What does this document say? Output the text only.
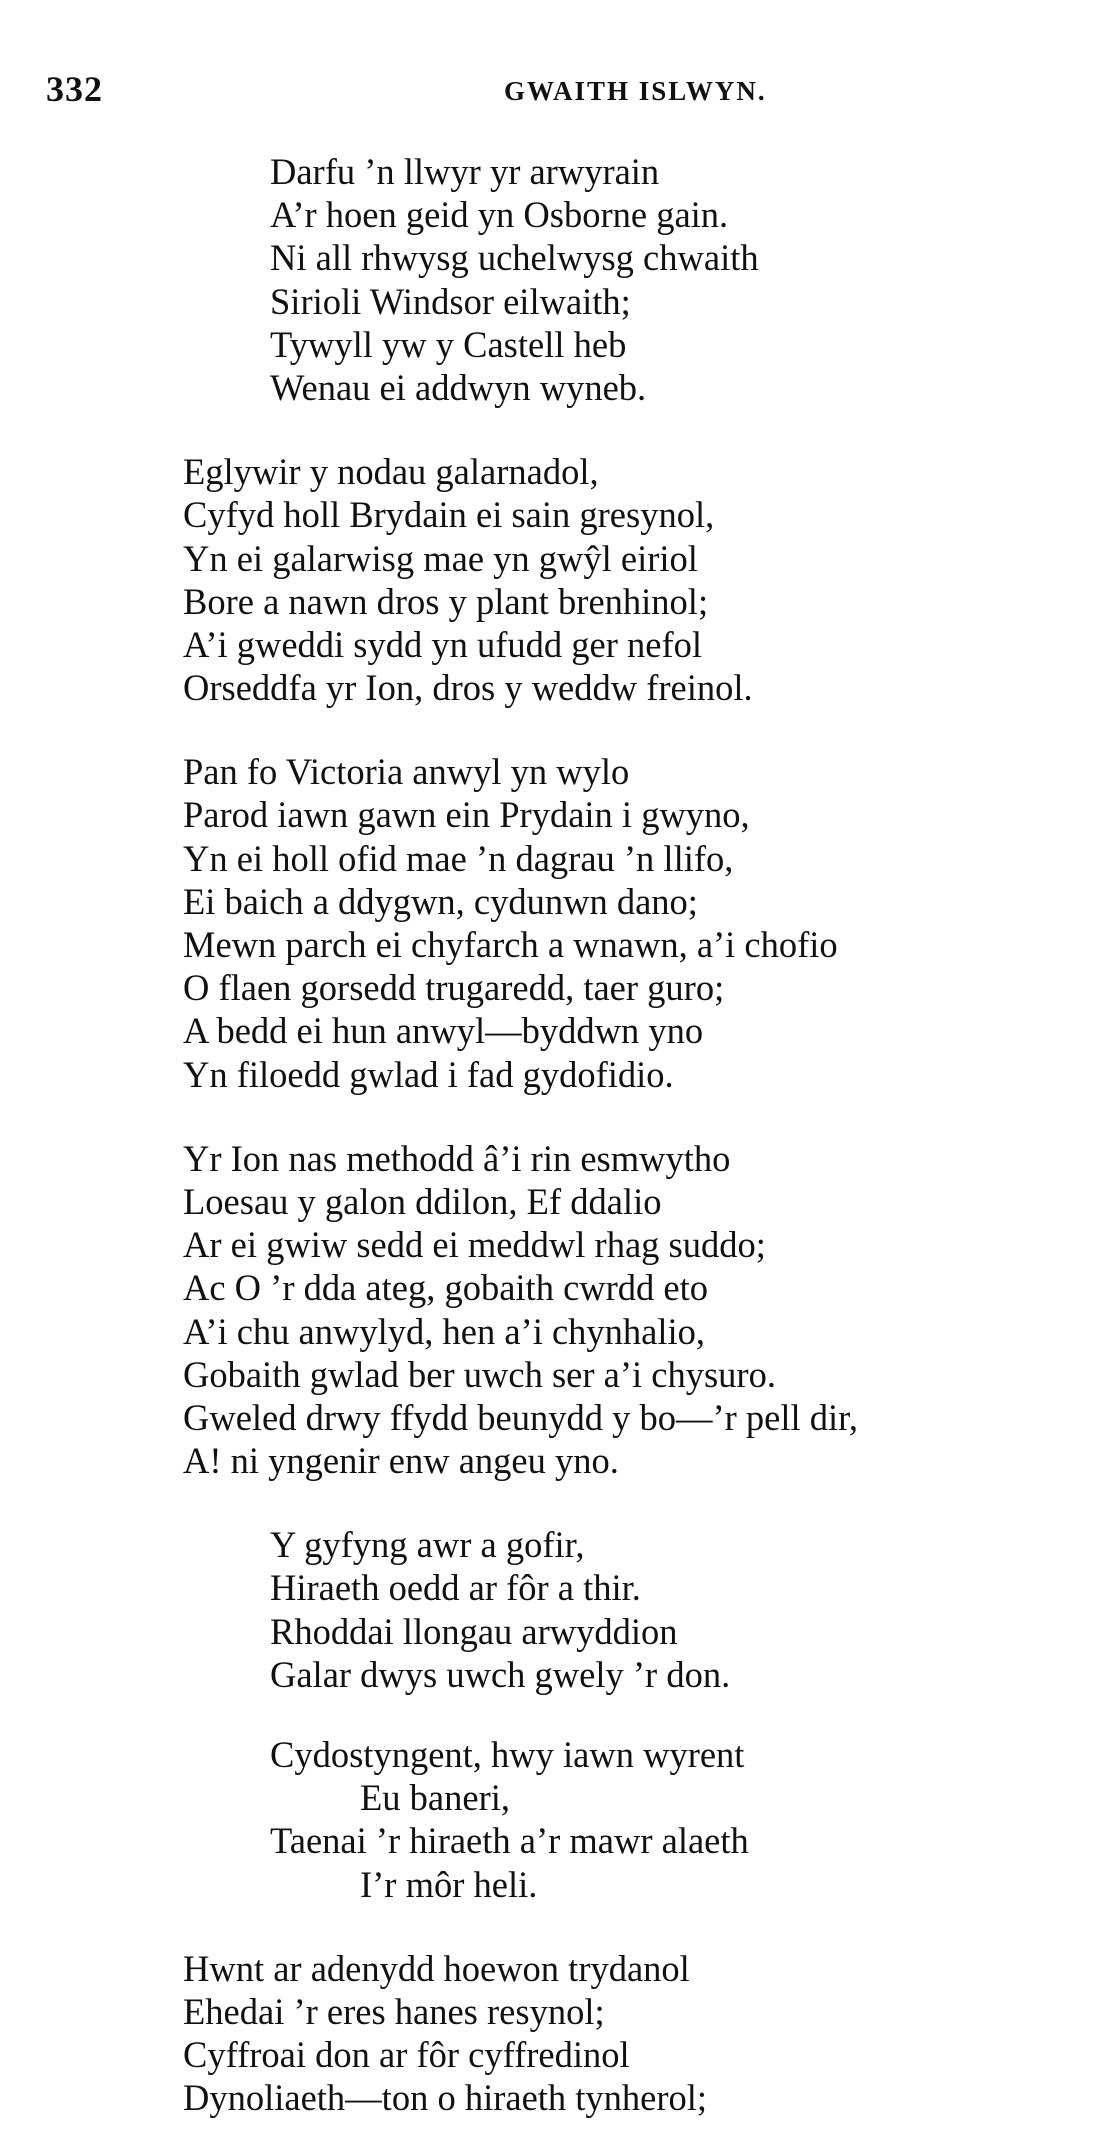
332	GWAITH ISLWYN.
Darfu ’n llwyr yr arwyrain
A’r hoen geid yn Osborne gain.
Ni all rhwysg uchelwysg chwaith
Sirioli Windsor eilwaith;
Tywyll yw y Castell heb
Wenau ei addwyn wyneb.
Eglywir y nodau galarnadol,
Cyfyd holl Brydain ei sain gresynol,
Yn ei galarwisg mae yn gwŷl eiriol
Bore a nawn dros y plant brenhinol;
A’i gweddi sydd yn ufudd ger nefol
Orseddfa yr Ion, dros y weddw freinol.
Pan fo Victoria anwyl yn wylo
Parod iawn gawn ein Prydain i gwyno,
Yn ei holl ofid mae ’n dagrau ’n llifo,
Ei baich a ddygwn, cydunwn dano;
Mewn parch ei chyfarch a wnawn, a’i chofio
O flaen gorsedd trugaredd, taer guro;
A bedd ei hun anwyl—byddwn yno
Yn filoedd gwlad i fad gydofidio.
Yr Ion nas methodd â’i rin esmwytho
Loesau y galon ddilon, Ef ddalio
Ar ei gwiw sedd ei meddwl rhag suddo;
Ac O ’r dda ateg, gobaith cwrdd eto
A’i chu anwylyd, hen a’i chynhalio,
Gobaith gwlad ber uwch ser a’i chysuro.
Gweled drwy ffydd beunydd y bo—’r pell dir,
A! ni yngenir enw angeu yno.
Y gyfyng awr a gofir,
Hiraeth oedd ar fôr a thir.
Rhoddai llongau arwyddion
Galar dwys uwch gwely ’r don.
Cydostyngent, hwy iawn wyrent
Eu baneri,
Taenai ’r hiraeth a’r mawr alaeth
I’r môr heli.
Hwnt ar adenydd hoewon trydanol
Ehedai ’r eres hanes resynol;
Cyffroai don ar fôr cyffredinol
Dynoliaeth—ton o hiraeth tynherol;
